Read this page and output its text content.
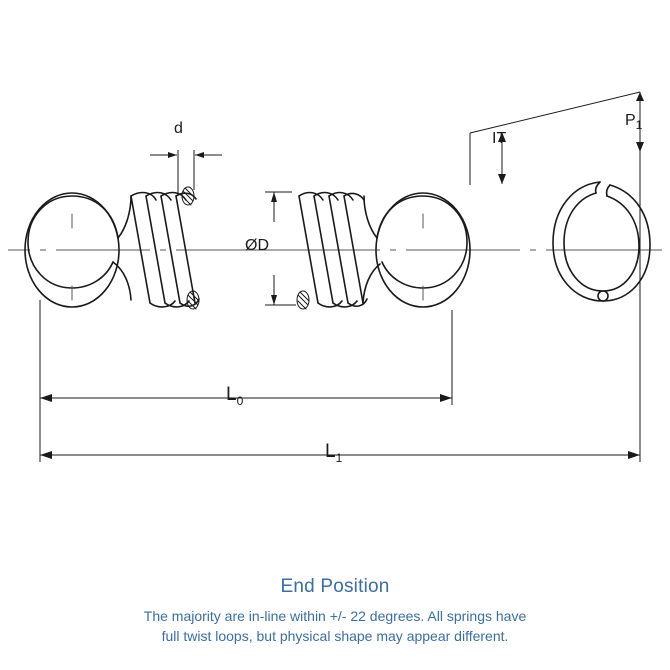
d
ØD
IT
$P_1$
$L_0$
$L_1$

End Position

The majority are in-line within +/- 22 degrees. All springs have
full twist loops, but physical shape may appear different.
